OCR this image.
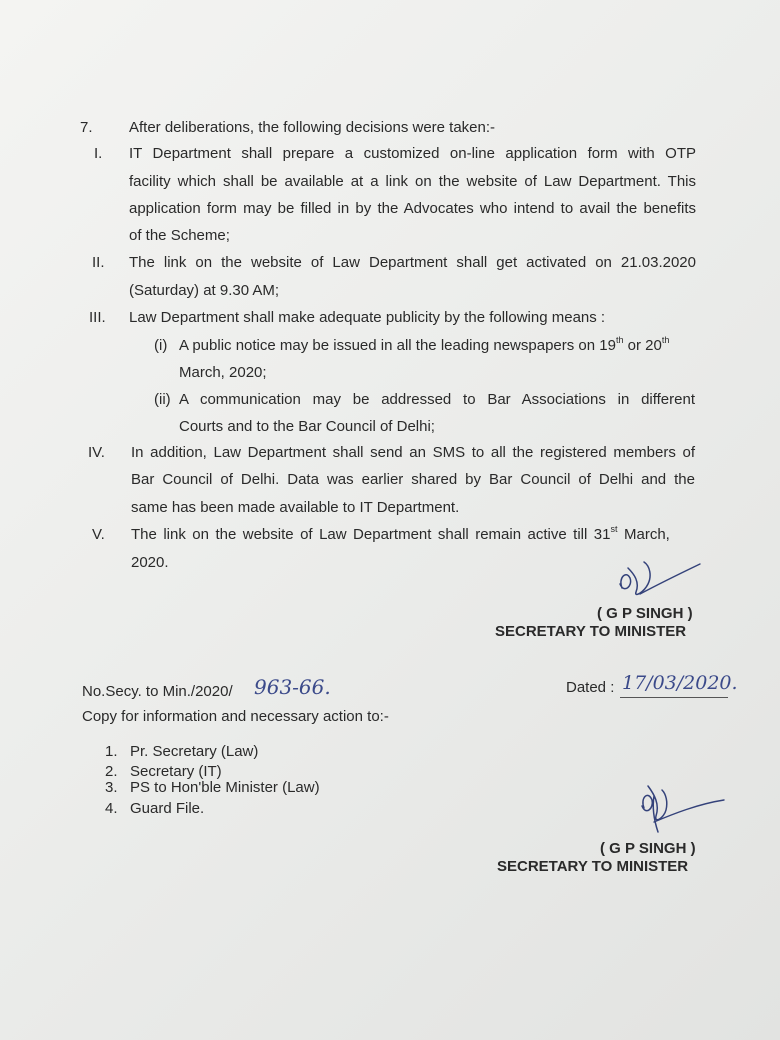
7. After deliberations, the following decisions were taken:-
I. IT Department shall prepare a customized on-line application form with OTP
facility which shall be available at a link on the website of Law Department. This
application form may be filled in by the Advocates who intend to avail the benefits
of the Scheme;
II. The link on the website of Law Department shall get activated on 21.03.2020
(Saturday) at 9.30 AM;
III. Law Department shall make adequate publicity by the following means :
(i) A public notice may be issued in all the leading newspapers on 19th or 20th
March, 2020;
(ii) A communication may be addressed to Bar Associations in different
Courts and to the Bar Council of Delhi;
IV. In addition, Law Department shall send an SMS to all the registered members of
Bar Council of Delhi. Data was earlier shared by Bar Council of Delhi and the
same has been made available to IT Department.
V. The link on the website of Law Department shall remain active till 31st March,
2020.
( G P SINGH )
SECRETARY TO MINISTER
No.Secy. to Min./2020/ 963-66.	Dated : 17/03/2020.
Copy for information and necessary action to:-
1. Pr. Secretary (Law)
2. Secretary (IT)
3. PS to Hon'ble Minister (Law)
4. Guard File.
( G P SINGH )
SECRETARY TO MINISTER
